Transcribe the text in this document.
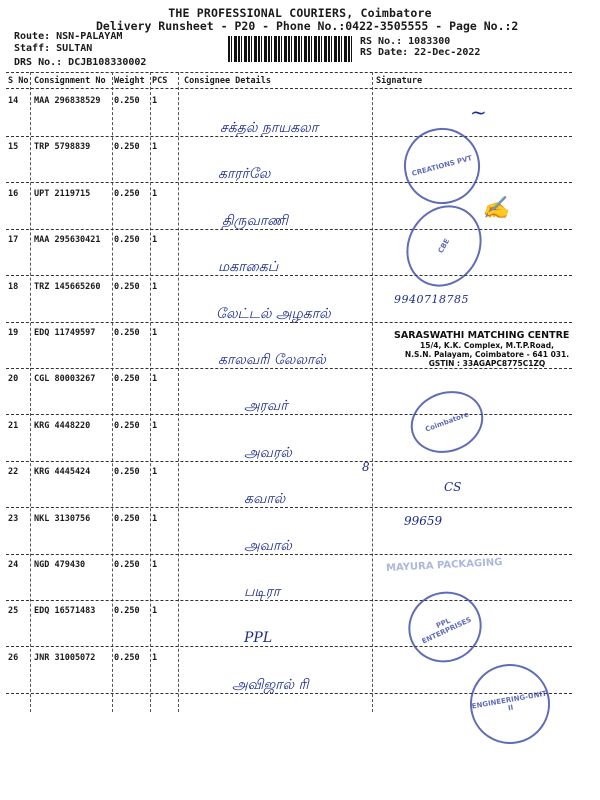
THE PROFESSIONAL COURIERS, Coimbatore
Delivery Runsheet - P20 - Phone No.:0422-3505555 - Page No.:2
Route: NSN-PALAYAM
Staff: SULTAN
DRS No.: DCJB108330002
RS No.: 1083300
RS Date: 22-Dec-2022
S No Consignment No Weight PCS Consignee Details	Signature
14 MAA 296838529 0.250 1
சக்தல் நாயகலா
15 TRP 5798839	0.250 1
காரர்லே
16 UPT 2119715	0.250 1
திருவாணி
17 MAA 295630421 0.250 1
மகாகைப்
18 TRZ 145665260 0.250 1
லேட்டல் அழகால்
19 EDQ 11749597 0.250 1
காலவரி லேலால்
20 CGL 80003267 0.250 1
அரவர்
21 KRG 4448220	0.250 1
அவரல்
22 KRG 4445424	0.250 1
கவால்
23 NKL 3130756	0.250 1
அவால்
24 NGD 479430	0.250 1
படிரா
25 EDQ 16571483 0.250 1
PPL
26 JNR 31005072 0.250 1
அவிஜால் ரி
CREATIONS PVT
CBE
Coimbatore
PPL ENTERPRISES
ENGINEERING-UNIT II
SARASWATHI MATCHING CENTRE
15/4, K.K. Complex, M.T.P.Road,
N.S.N. Palayam, Coimbatore - 641 031.
GSTIN : 33AGAPC8775C1ZQ
MAYURA PACKAGING
~
✍
9940718785
8
CS
99659
